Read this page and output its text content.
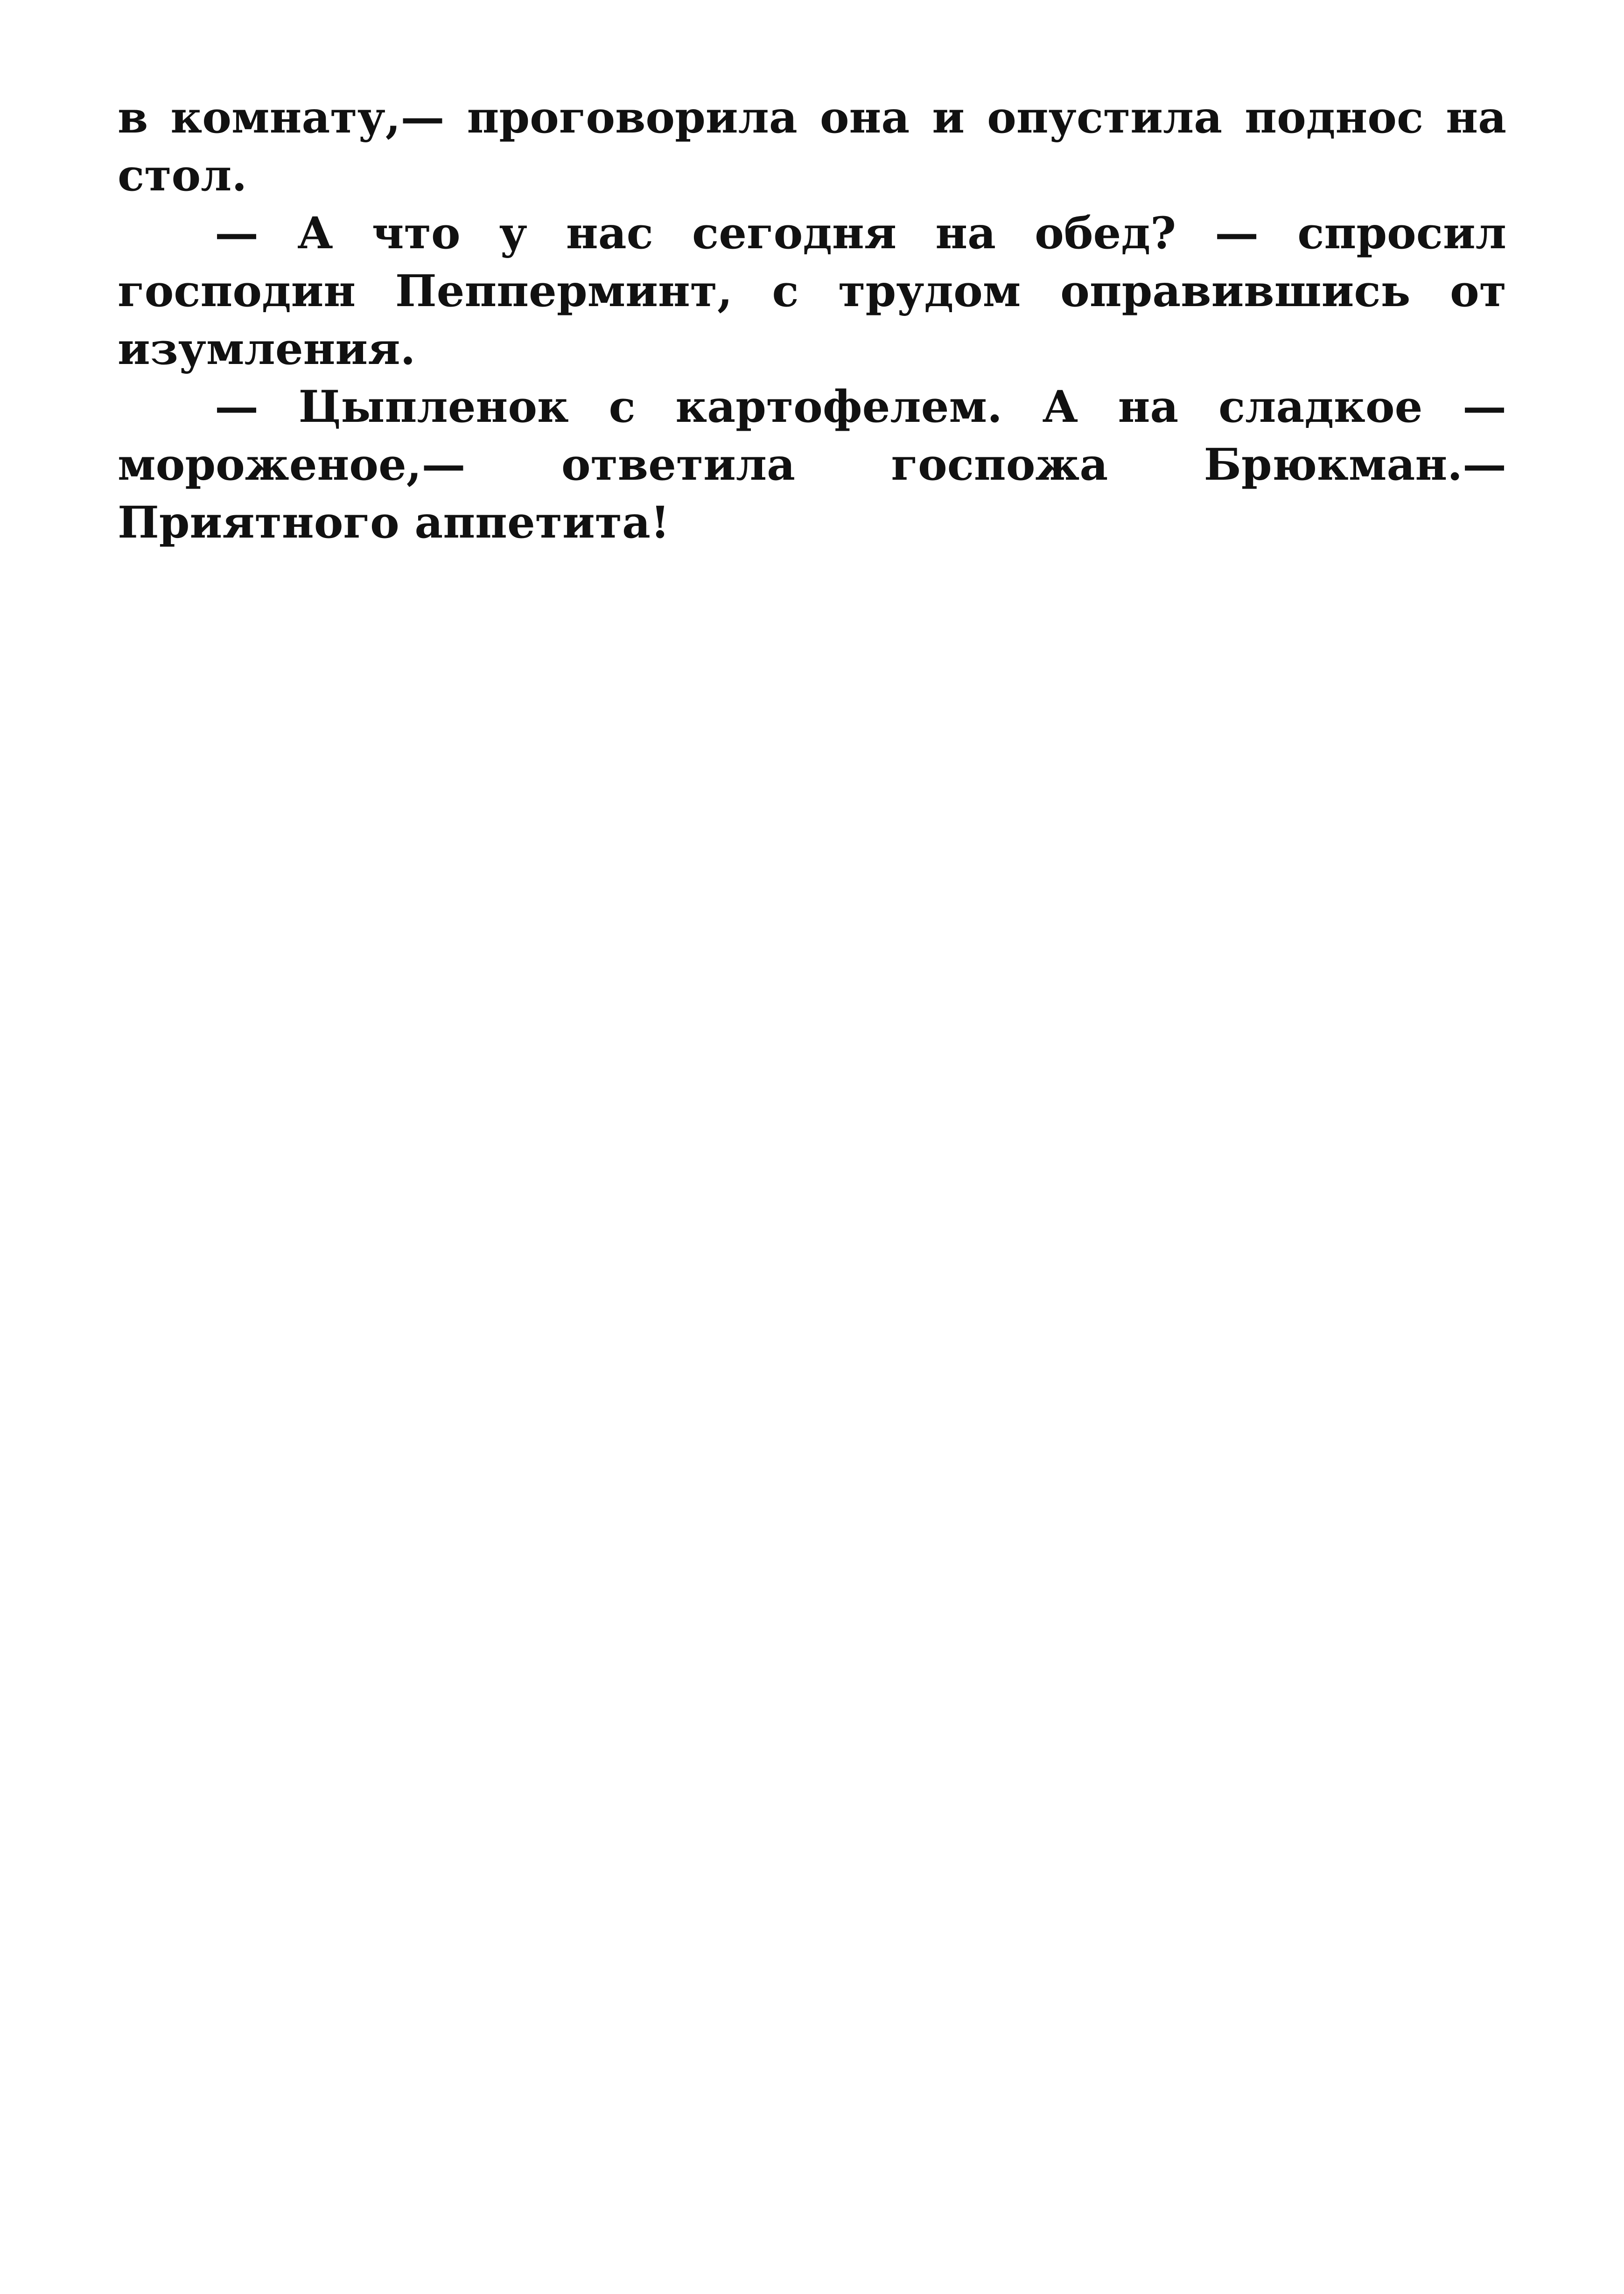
в комнату,— проговорила она и опустила поднос на стол.

— А что у нас сегодня на обед? — спросил господин Пепперминт, с трудом оправившись от изумления.

— Цыпленок с картофелем. А на сладкое — мороженое,— ответила госпожа Брюкман.— Приятного аппетита!
